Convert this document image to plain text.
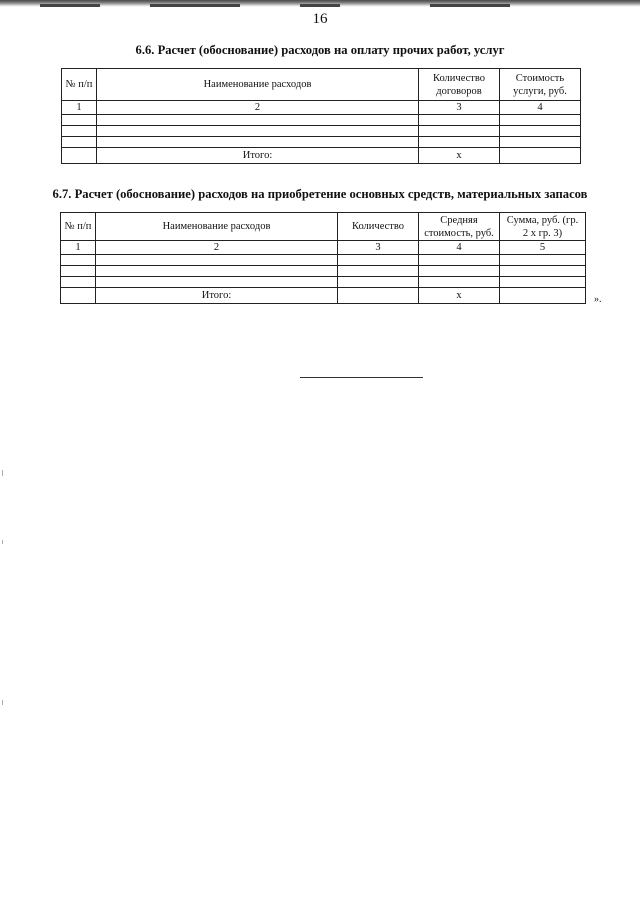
16
6.6. Расчет (обоснование) расходов на оплату прочих работ, услуг
№ п/п	Наименование расходов	Количество договоров	Стоимость услуги, руб.
1	2	3	4

	Итого:	x	
6.7. Расчет (обоснование) расходов на приобретение основных средств, материальных запасов
№ п/п	Наименование расходов	Количество	Средняя стоимость, руб.	Сумма, руб. (гр. 2 х гр. 3)
1	2	3	4	5

	Итого:		x		».
